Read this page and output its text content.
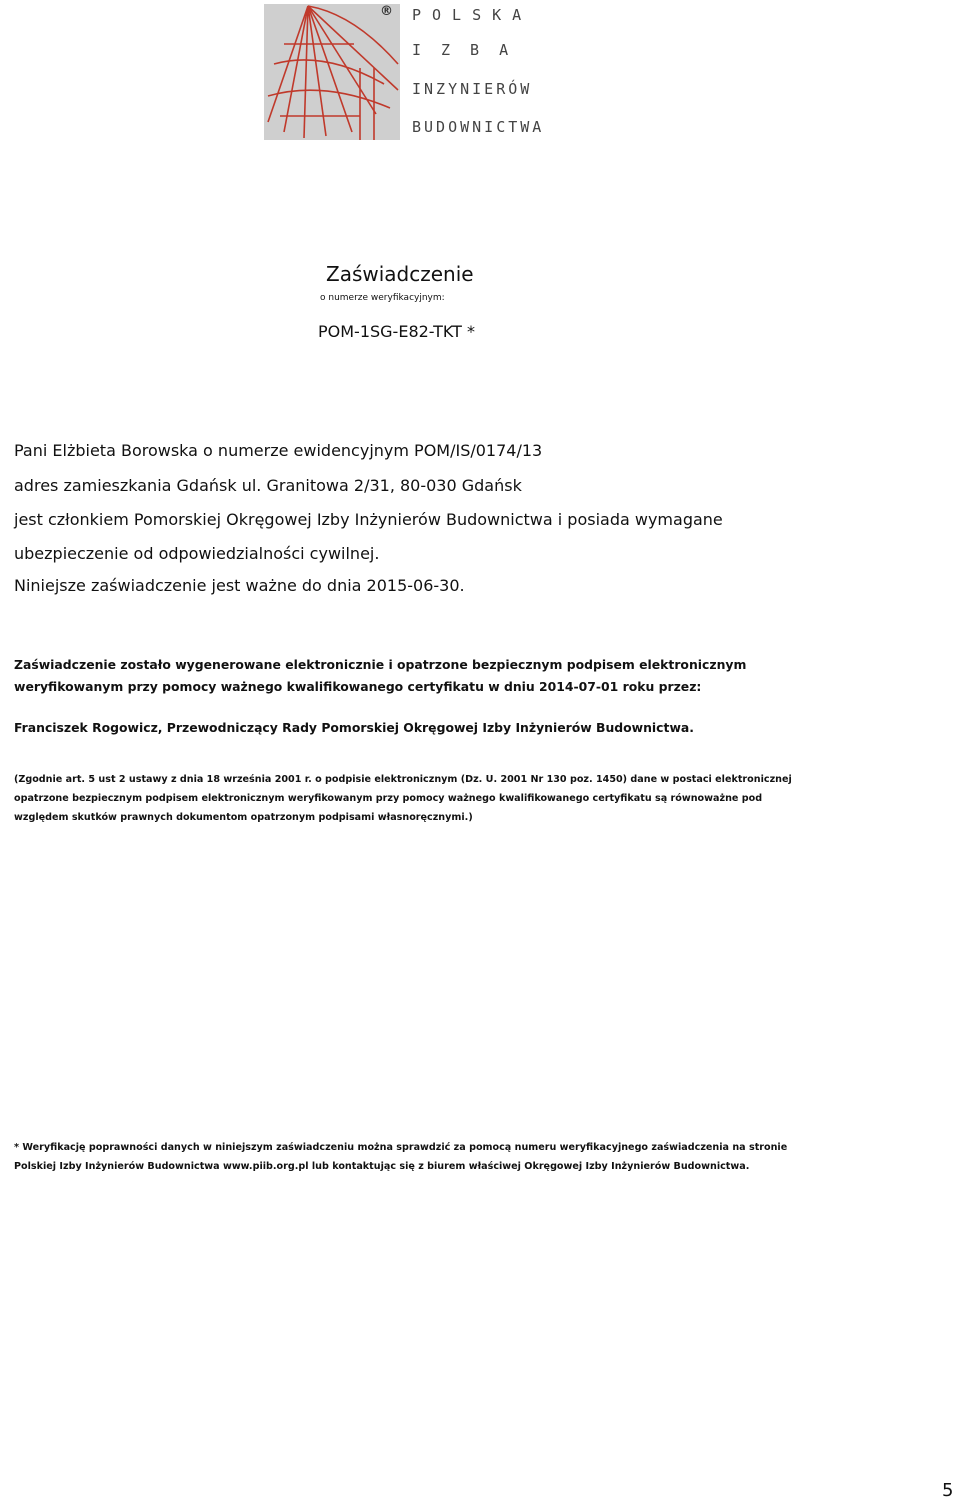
® POLSKA
IZBA
INZYNIERÓW
BUDOWNICTWA
Zaświadczenie
o numerze weryfikacyjnym:
POM-1SG-E82-TKT *
Pani Elżbieta Borowska o numerze ewidencyjnym POM/IS/0174/13
adres zamieszkania Gdańsk ul. Granitowa 2/31, 80-030 Gdańsk
jest członkiem Pomorskiej Okręgowej Izby Inżynierów Budownictwa i posiada wymagane
ubezpieczenie od odpowiedzialności cywilnej.
Niniejsze zaświadczenie jest ważne do dnia 2015-06-30.
Zaświadczenie zostało wygenerowane elektronicznie i opatrzone bezpiecznym podpisem elektronicznym weryfikowanym przy pomocy ważnego kwalifikowanego certyfikatu w dniu 2014-07-01 roku przez:
Franciszek Rogowicz, Przewodniczący Rady Pomorskiej Okręgowej Izby Inżynierów Budownictwa.
(Zgodnie art. 5 ust 2 ustawy z dnia 18 września 2001 r. o podpisie elektronicznym (Dz. U. 2001 Nr 130 poz. 1450) dane w postaci elektronicznej opatrzone bezpiecznym podpisem elektronicznym weryfikowanym przy pomocy ważnego kwalifikowanego certyfikatu są równoważne pod względem skutków prawnych dokumentom opatrzonym podpisami własnoręcznymi.)
* Weryfikację poprawności danych w niniejszym zaświadczeniu można sprawdzić za pomocą numeru weryfikacyjnego zaświadczenia na stronie Polskiej Izby Inżynierów Budownictwa www.piib.org.pl lub kontaktując się z biurem właściwej Okręgowej Izby Inżynierów Budownictwa.
5
